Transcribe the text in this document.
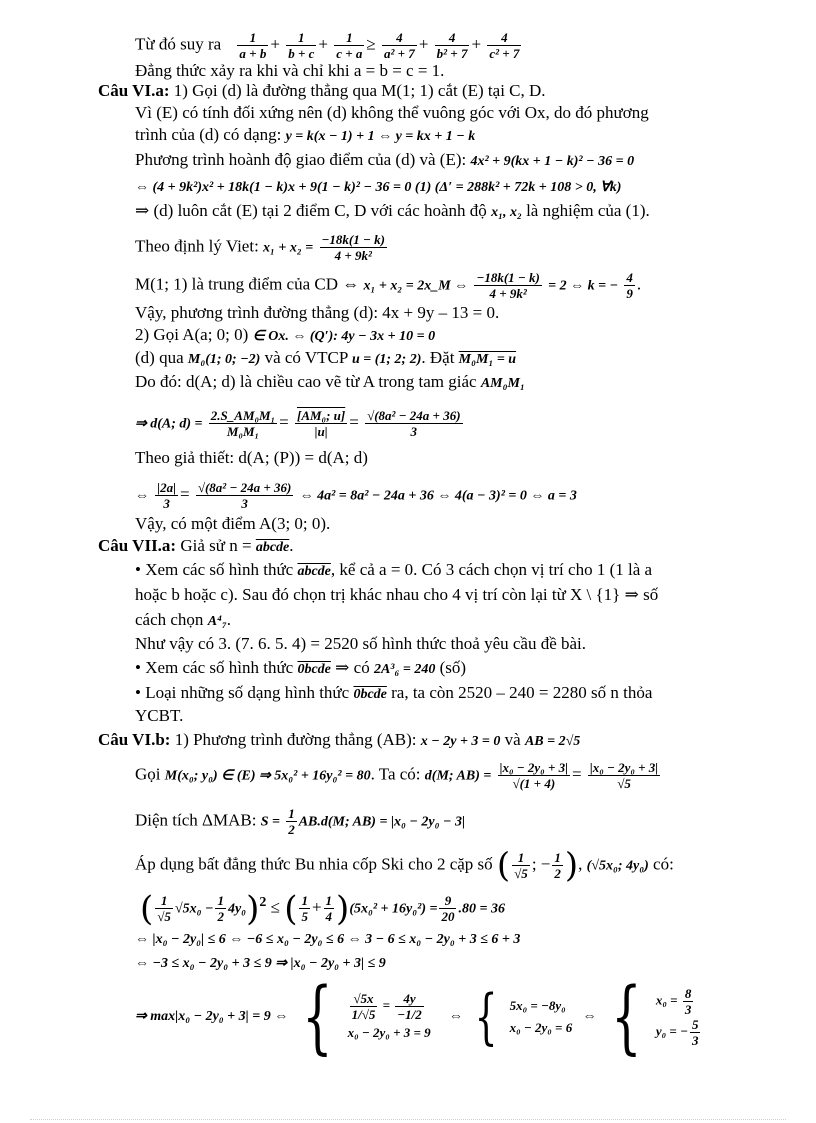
Từ đó suy ra $\frac{1}{a + b} + \frac{1}{b + c} + \frac{1}{c + a} \ge \frac{4}{\text{a² + 7}} + \frac{4}{\text{b² + 7}} + \frac{4}{\text{c² + 7}}$
Đẳng thức xảy ra khi và chỉ khi a = b = c = 1.
Câu VI.a: 1) Gọi (d) là đường thẳng qua M(1; 1) cắt (E) tại C, D.
Vì (E) có tính đối xứng nên (d) không thể vuông góc với Ox, do đó phương
trình của (d) có dạng: y = k(x − 1) + 1 ⇔ y = kx + 1 − k
Phương trình hoành độ giao điểm của (d) và (E): 4x² + 9(kx + 1 − k)² − 36 = 0
⇔ (4 + 9k²)x² + 18k(1 − k)x + 9(1 − k)² − 36 = 0 (1) (Δ′ = 288k² + 72k + 108 > 0, ∀k)
⇒ (d) luôn cắt (E) tại 2 điểm C, D với các hoành độ x₁, x₂ là nghiệm của (1).
Theo định lý Viet: $x_1 + x_2 = \frac{-18k(1 - k)}{\text{4 + 9k²}}$
M(1; 1) là trung điểm của CD ⇔ x₁ + x₂ = 2x_M ⇔ $\frac{-18k(1 - k)}{\text{4 + 9k²}} = 2$ ⇔ k = − $\frac{4}{9}$ .
Vậy, phương trình đường thẳng (d): 4x + 9y – 13 = 0.
2) Gọi A(a; 0; 0) ∈ Ox. ⇔ (Q′): 4y − 3x + 10 = 0
(d) qua M₀(1; 0; −2) và có VTCP u = (1; 2; 2). Đặt M₀M₁ = u
Do đó: d(A; d) là chiều cao vẽ từ A trong tam giác AM₀M₁
⇒ d(A; $d) = \frac{\text{2.S\_AM₀M₁}}{\text{M₀M₁}} = \frac{\text{[AM₀; u]}}{|u|} = \frac{\text{√(8a² − 24a + 36)}}{3}$
Theo giả thiết: d(A; (P)) = d(A; d)
⇔ $\frac{|2a|}{3} = \frac{\text{√(8a² − 24a + 36)}}{3}$ ⇔ 4a² = 8a² − 24a + 36 ⇔ 4(a − 3)² = 0 ⇔ a = 3
Vậy, có một điểm A(3; 0; 0).
Câu VII.a: Giả sử n = abcde.
• Xem các số hình thức abcde, kể cả a = 0. Có 3 cách chọn vị trí cho 1 (1 là a
hoặc b hoặc c). Sau đó chọn trị khác nhau cho 4 vị trí còn lại từ X \ {1} ⇒ số
cách chọn A⁴₇.
Như vậy có 3. (7. 6. 5. 4) = 2520 số hình thức thoả yêu cầu đề bài.
• Xem các số hình thức 0bcde ⇒ có 2A³₆ = 240 (số)
• Loại những số dạng hình thức 0bcde ra, ta còn 2520 – 240 = 2280 số n thỏa
YCBT.
Câu VI.b: 1) Phương trình đường thẳng (AB): x − 2y + 3 = 0 và AB = 2√5
Gọi M(x₀; y₀) ∈ (E) ⇒ 5x₀² + 16y₀² = 80. Ta có: d(M; $AB) = \frac{\text{|x₀ − 2y₀ + 3|}}{√(1 + 4)} = \frac{\text{|x₀ − 2y₀ + 3|}}{√5}$
Diện tích ΔMAB: $S = \frac{1}{2} AB.d(M$; AB) = |x₀ − 2y₀ − 3|
Áp dụng bất đẳng thức Bu nhia cốp Ski cho 2 cặp số ( $\frac{1}{√5}$ ; − $\frac{1}{2}$ ), (√5x₀; 4y₀) có:
( $\frac{1}{√5} √5x_0 - \frac{1}{2} 4y_0)^2$ ≤ ( $\frac{1}{5} + \frac{1}{4} )(5x_0^2 + 16y_0^2) = \frac{9}{20} .80 = 36$
⇔ |x₀ − 2y₀| ≤ 6 ⇔ −6 ≤ x₀ − 2y₀ ≤ 6 ⇔ 3 − 6 ≤ x₀ − 2y₀ + 3 ≤ 6 + 3
⇔ −3 ≤ x₀ − 2y₀ + 3 ≤ 9 ⇒ |x₀ − 2y₀ + 3| ≤ 9
⇒ max|x₀ − 2y₀ + 3| = 9 ⇔ { $\frac{√5x}{1/√5} = \frac{4y}{-1/2}$
x₀ − 2y₀ + 3 = 9
⇔ { 5x₀ = −8y₀
x₀ − 2y₀ = 6
⇔ { $x_0 = \frac{8}{3}$
y₀ = − $\frac{5}{3}$
